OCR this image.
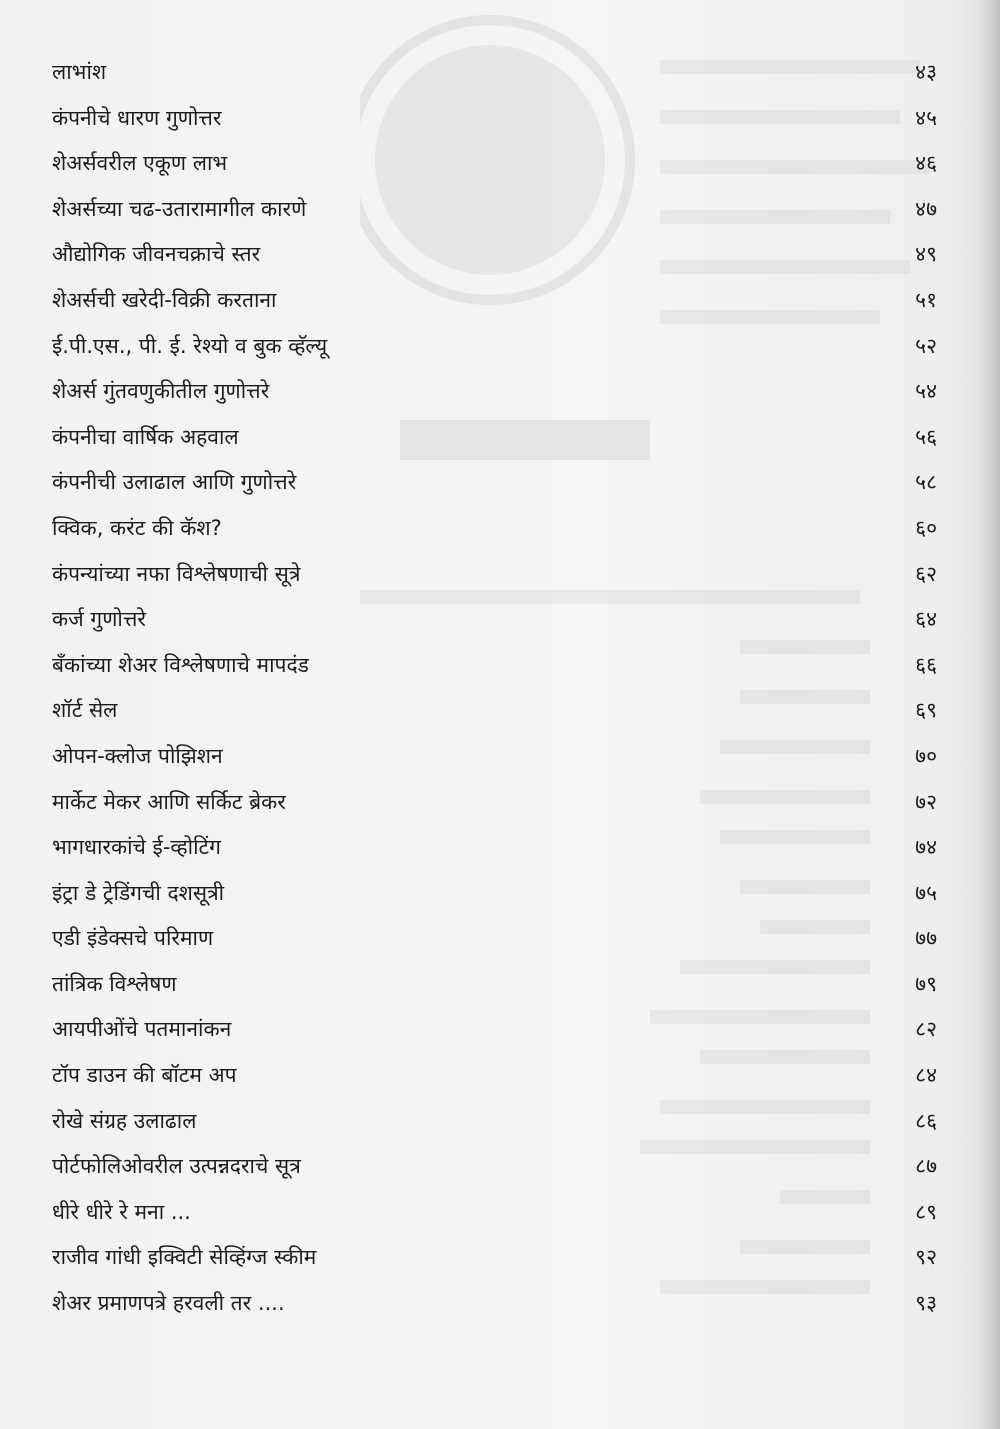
लाभांश	४३
कंपनीचे धारण गुणोत्तर	४५
शेअर्सवरील एकूण लाभ	४६
शेअर्सच्या चढ-उतारामागील कारणे	४७
औद्योगिक जीवनचक्राचे स्तर	४९
शेअर्सची खरेदी-विक्री करताना	५१
ई.पी.एस., पी. ई. रेश्यो व बुक व्हॅल्यू	५२
शेअर्स गुंतवणुकीतील गुणोत्तरे	५४
कंपनीचा वार्षिक अहवाल	५६
कंपनीची उलाढाल आणि गुणोत्तरे	५८
क्विक, करंट की कॅश?	६०
कंपन्यांच्या नफा विश्लेषणाची सूत्रे	६२
कर्ज गुणोत्तरे	६४
बँकांच्या शेअर विश्लेषणाचे मापदंड	६६
शॉर्ट सेल	६९
ओपन-क्लोज पोझिशन	७०
मार्केट मेकर आणि सर्किट ब्रेकर	७२
भागधारकांचे ई-व्होटिंग	७४
इंट्रा डे ट्रेडिंगची दशसूत्री	७५
एडी इंडेक्सचे परिमाण	७७
तांत्रिक विश्लेषण	७९
आयपीओंचे पतमानांकन	८२
टॉप डाउन की बॉटम अप	८४
रोखे संग्रह उलाढाल	८६
पोर्टफोलिओवरील उत्पन्नदराचे सूत्र	८७
धीरे धीरे रे मना ...	८९
राजीव गांधी इक्विटी सेव्हिंग्ज स्कीम	९२
शेअर प्रमाणपत्रे हरवली तर ....	९३
